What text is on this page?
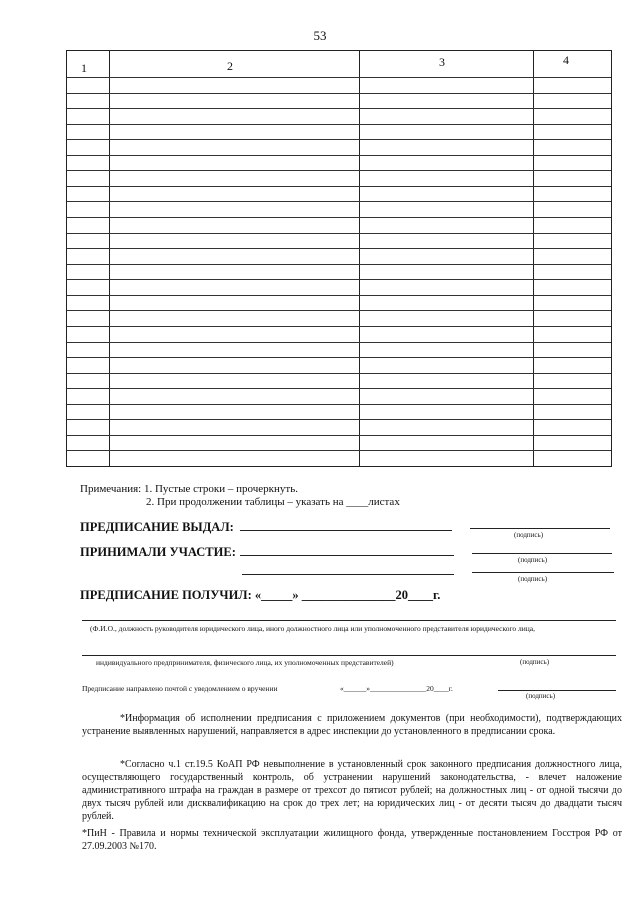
53
1	2	3	4
Примечания: 1. Пустые строки – прочеркнуть.
2. При продолжении таблицы – указать на ____листах
ПРЕДПИСАНИЕ ВЫДАЛ:
(подпись)
ПРИНИМАЛИ УЧАСТИЕ:
(подпись)
(подпись)
ПРЕДПИСАНИЕ ПОЛУЧИЛ: «_____» _______________20____г.
(Ф.И.О., должность руководителя юридического лица, иного должностного лица или уполномоченного представителя юридического лица,
индивидуального предпринимателя, физического лица, их уполномоченных представителей)	(подпись)
Предписание направлено почтой с уведомлением о вручении	«______»_______________20____г.
(подпись)
*Информация об исполнении предписания с приложением документов (при необходимости), подтверждающих устранение выявленных нарушений, направляется в адрес инспекции до установленного в предписании срока.
*Согласно ч.1 ст.19.5 КоАП РФ невыполнение в установленный срок законного предписания должностного лица, осуществляющего государственный контроль, об устранении нарушений законодательства, - влечет наложение административного штрафа на граждан в размере от трехсот до пятисот рублей; на должностных лиц - от одной тысячи до двух тысяч рублей или дисквалификацию на срок до трех лет; на юридических лиц - от десяти тысяч до двадцати тысяч рублей.
*ПиН - Правила и нормы технической эксплуатации жилищного фонда, утвержденные постановлением Госстроя РФ от 27.09.2003 №170.
